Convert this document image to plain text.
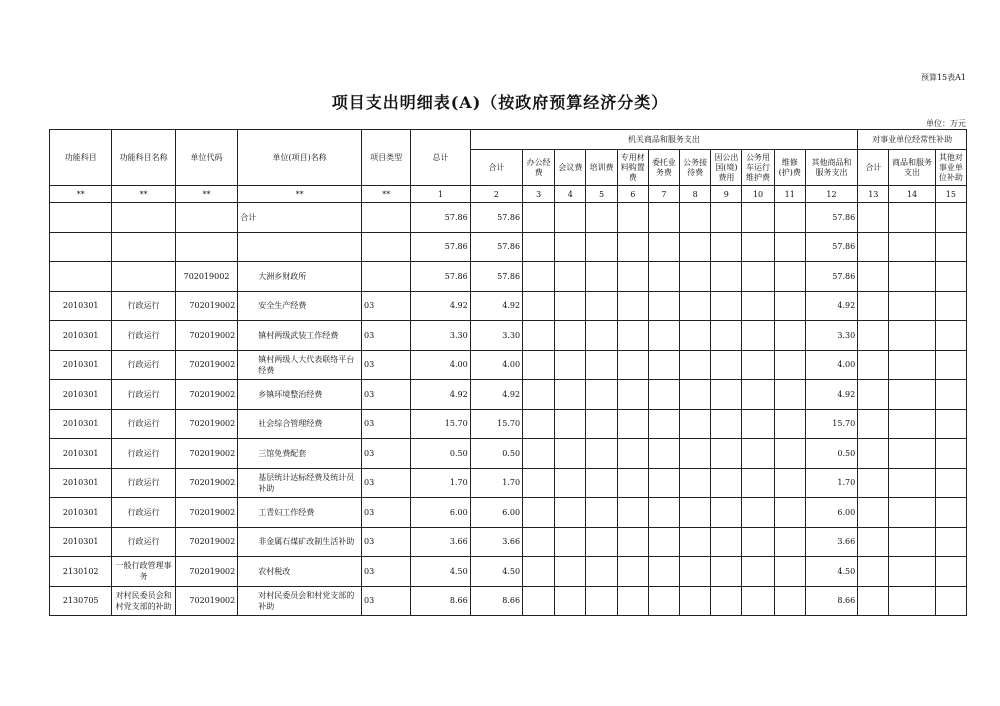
预算15表A1
项目支出明细表(A)（按政府预算经济分类）
单位：万元
功能科目	功能科目名称	单位代码	单位(项目)名称	项目类型	总计	机关商品和服务支出											对事业单位经常性补助		
						合计	办公经费	会议费	培训费	专用材料购置费	委托业务费	公务接待费	因公出国(境)费用	公务用车运行维护费	维修(护)费	其他商品和服务支出	合计	商品和服务支出	其他对事业单位补助
**	**	**	**	**	1	2	3	4	5	6	7	8	9	10	11	12	13	14	15
			合计		57.86	57.86										57.86			
					57.86	57.86										57.86			
		702019002	大洲乡财政所		57.86	57.86										57.86			
2010301	行政运行	702019002	安全生产经费	03	4.92	4.92										4.92			
2010301	行政运行	702019002	镇村两级武装工作经费	03	3.30	3.30										3.30			
2010301	行政运行	702019002	镇村两级人大代表联络平台经费	03	4.00	4.00										4.00			
2010301	行政运行	702019002	乡镇环境整治经费	03	4.92	4.92										4.92			
2010301	行政运行	702019002	社会综合管理经费	03	15.70	15.70										15.70			
2010301	行政运行	702019002	三馆免费配套	03	0.50	0.50										0.50			
2010301	行政运行	702019002	基层统计达标经费及统计员补助	03	1.70	1.70										1.70			
2010301	行政运行	702019002	工青妇工作经费	03	6.00	6.00										6.00			
2010301	行政运行	702019002	非金属石煤矿改制生活补助	03	3.66	3.66										3.66			
2130102	一般行政管理事务	702019002	农村税改	03	4.50	4.50										4.50			
2130705	对村民委员会和村党支部的补助	702019002	对村民委员会和村党支部的补助	03	8.66	8.66										8.66			
